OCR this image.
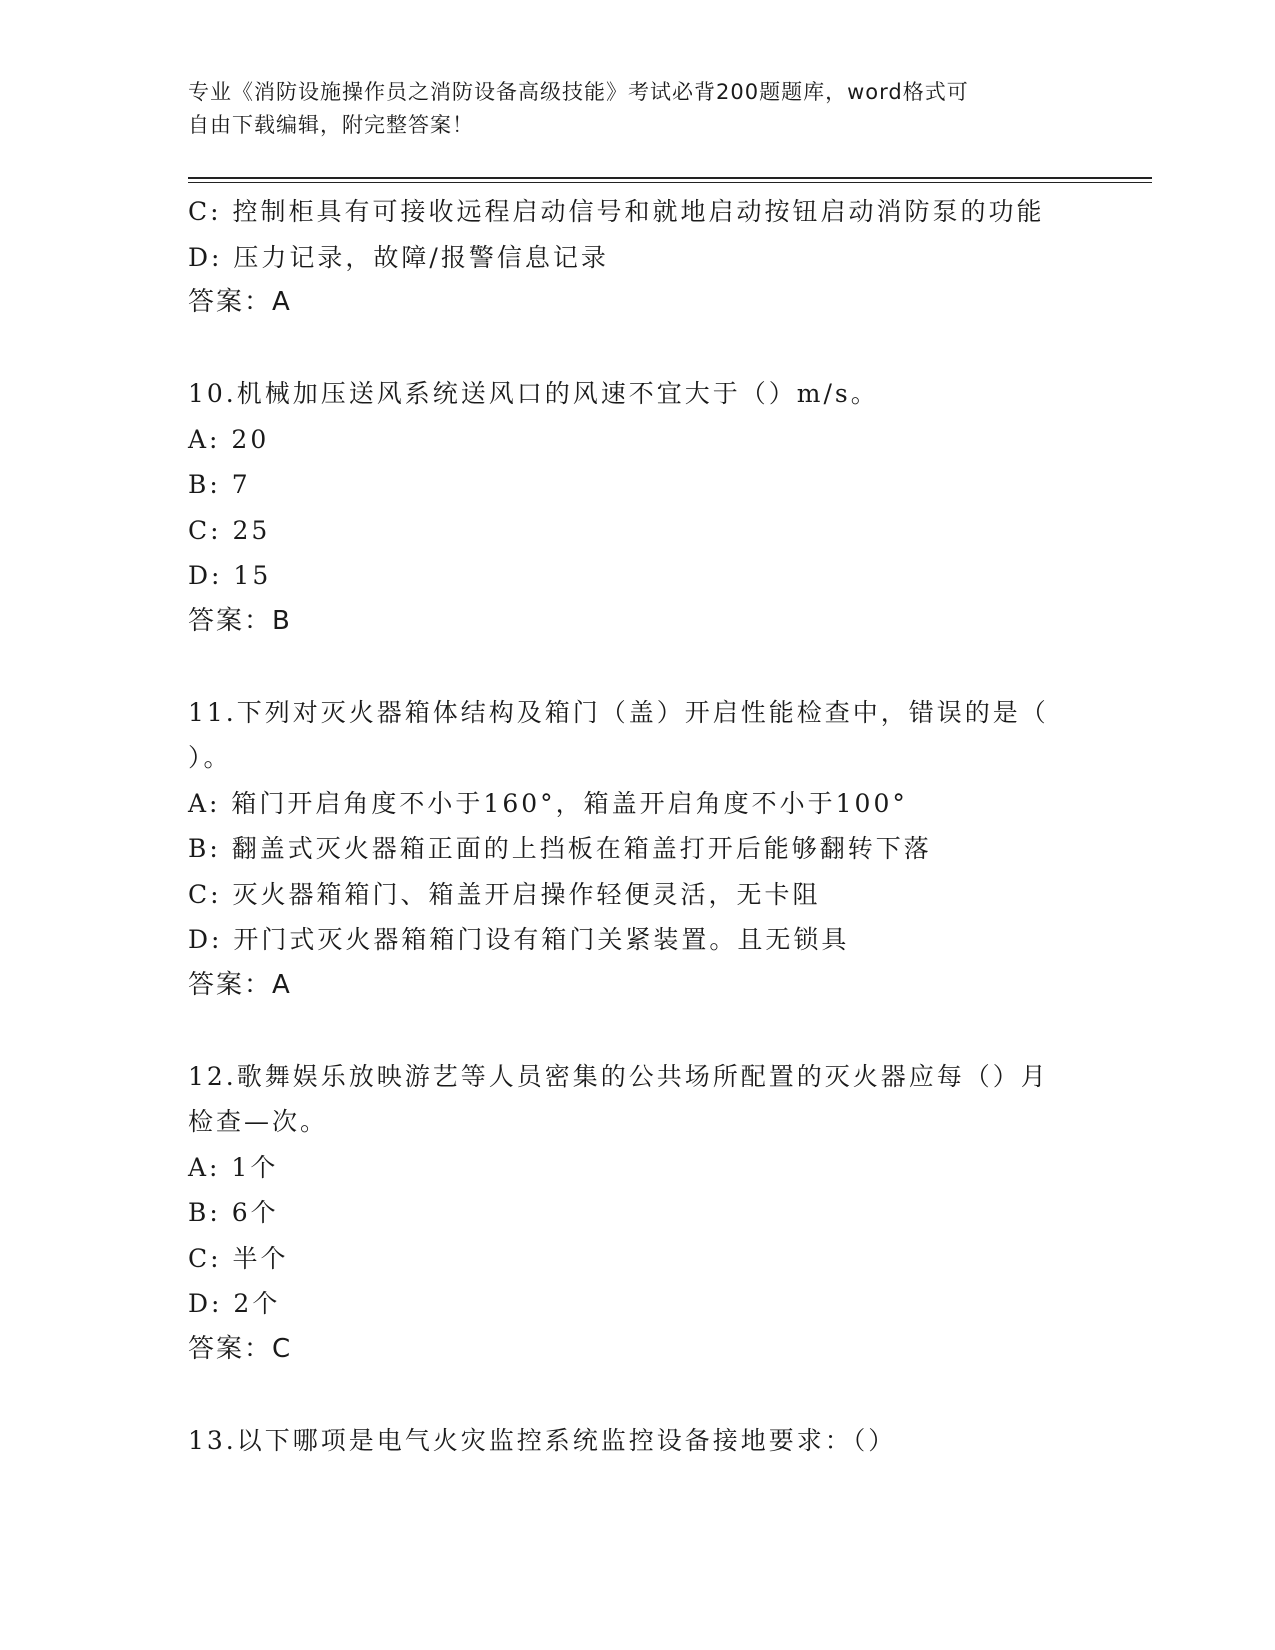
专业《消防设施操作员之消防设备高级技能》考试必背200题题库，word格式可
自由下载编辑，附完整答案！
C: 控制柜具有可接收远程启动信号和就地启动按钮启动消防泵的功能
D: 压力记录，故障/报警信息记录
答案：A
10.机械加压送风系统送风口的风速不宜大于（）m/s。
A: 20
B: 7
C: 25
D: 15
答案：B
11.下列对灭火器箱体结构及箱门（盖）开启性能检查中，错误的是（
）。
A: 箱门开启角度不小于160°，箱盖开启角度不小于100°
B: 翻盖式灭火器箱正面的上挡板在箱盖打开后能够翻转下落
C: 灭火器箱箱门、箱盖开启操作轻便灵活，无卡阻
D: 开门式灭火器箱箱门设有箱门关紧装置。且无锁具
答案：A
12.歌舞娱乐放映游艺等人员密集的公共场所配置的灭火器应每（）月
检查—次。
A: 1个
B: 6个
C: 半个
D: 2个
答案：C
13.以下哪项是电气火灾监控系统监控设备接地要求：（）
